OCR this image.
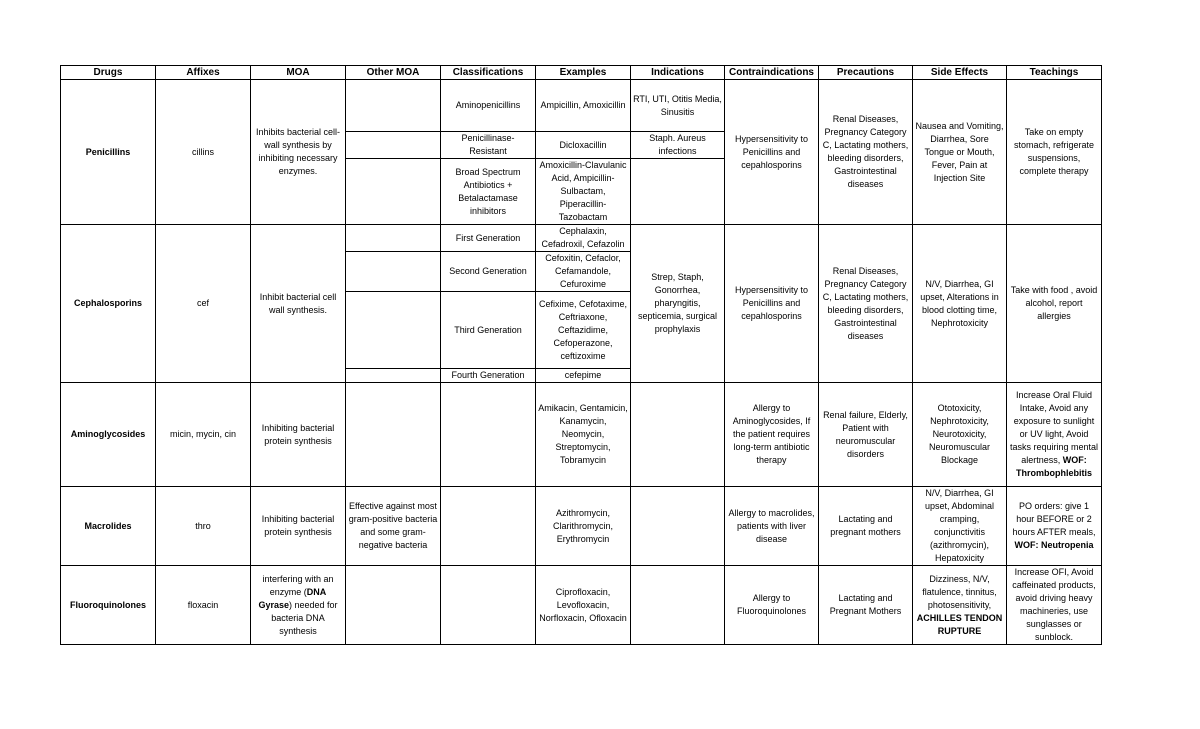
Drugs	Affixes	MOA	Other MOA	Classifications	Examples	Indications	Contraindications	Precautions	Side Effects	Teachings
Penicillins	cillins	Inhibits bacterial cell-wall synthesis by inhibiting necessary enzymes.		Aminopenicillins	Ampicillin, Amoxicillin	RTI, UTI, Otitis Media, Sinusitis	Hypersensitivity to Penicillins and cepahlosporins	Renal Diseases, Pregnancy Category C, Lactating mothers, bleeding disorders, Gastrointestinal diseases	Nausea and Vomiting, Diarrhea, Sore Tongue or Mouth, Fever, Pain at Injection Site	Take on empty stomach, refrigerate suspensions, complete therapy
				Penicillinase- Resistant	Dicloxacillin	Staph. Aureus infections				
				Broad Spectrum Antibiotics + Betalactamase inhibitors	Amoxicillin-Clavulanic Acid, Ampicillin-Sulbactam, Piperacillin-Tazobactam					
Cephalosporins	cef	Inhibit bacterial cell wall synthesis.		First Generation	Cephalaxin, Cefadroxil, Cefazolin	Strep, Staph, Gonorrhea, pharyngitis, septicemia, surgical prophylaxis	Hypersensitivity to Penicillins and cepahlosporins	Renal Diseases, Pregnancy Category C, Lactating mothers, bleeding disorders, Gastrointestinal diseases	N/V, Diarrhea, GI upset, Alterations in blood clotting time, Nephrotoxicity	Take with food , avoid alcohol, report allergies
				Second Generation	Cefoxitin, Cefaclor, Cefamandole, Cefuroxime					
				Third Generation	Cefixime, Cefotaxime, Ceftriaxone, Ceftazidime, Cefoperazone, ceftizoxime					
				Fourth Generation	cefepime					
Aminoglycosides	micin, mycin, cin	Inhibiting bacterial protein synthesis			Amikacin, Gentamicin, Kanamycin, Neomycin, Streptomycin, Tobramycin		Allergy to Aminoglycosides, If the patient requires long-term antibiotic therapy	Renal failure, Elderly, Patient with neuromuscular disorders	Ototoxicity, Nephrotoxicity, Neurotoxicity, Neuromuscular Blockage	Increase Oral Fluid Intake, Avoid any exposure to sunlight or UV light, Avoid tasks requiring mental alertness, WOF: Thrombophlebitis
Macrolides	thro	Inhibiting bacterial protein synthesis	Effective against most gram-positive bacteria and some gram-negative bacteria		Azithromycin, Clarithromycin, Erythromycin		Allergy to macrolides, patients with liver disease	Lactating and pregnant mothers	N/V, Diarrhea, GI upset, Abdominal cramping, conjunctivitis (azithromycin), Hepatoxicity	PO orders: give 1 hour BEFORE or 2 hours AFTER meals, WOF: Neutropenia
Fluoroquinolones	floxacin	interfering with an enzyme (DNA Gyrase) needed for bacteria DNA synthesis			Ciprofloxacin, Levofloxacin, Norfloxacin, Ofloxacin		Allergy to Fluoroquinolones	Lactating and Pregnant Mothers	Dizziness, N/V, flatulence, tinnitus, photosensitivity, ACHILLES TENDON RUPTURE	Increase OFI, Avoid caffeinated products, avoid driving heavy machineries, use sunglasses or sunblock.
